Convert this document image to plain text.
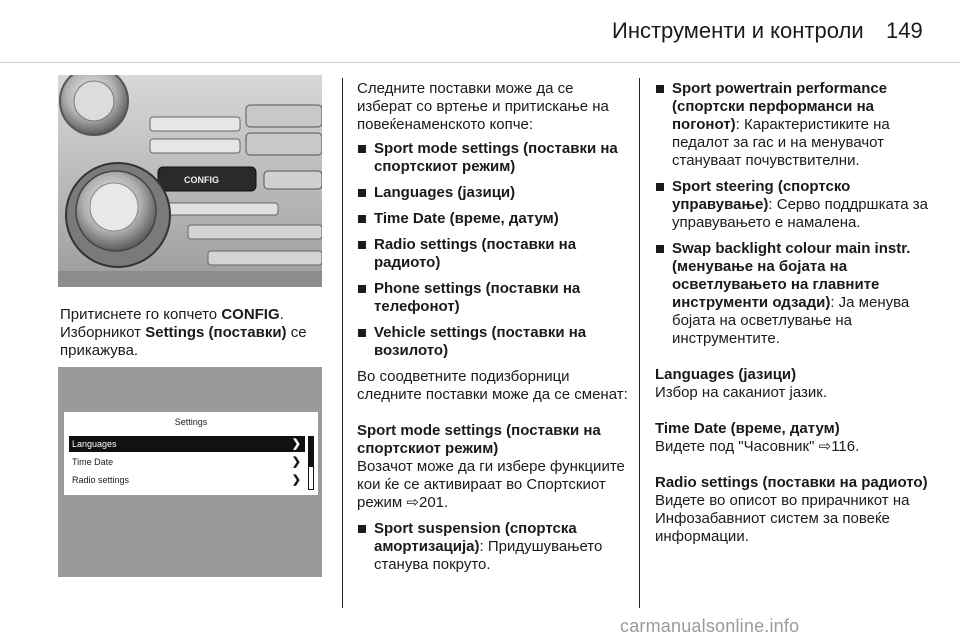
Инструменти и контроли 149
CONFIG

Притиснете го копчето CONFIG.

Изборникот Settings (поставки) се

прикажува.

Settings
Languages	❯
Time Date	❯
Radio settings	❯

Следните поставки може да се изберат со вртење и притискање на повеќенаменското копче:

Sport mode settings (поставки на спортскиот режим)
Languages (јазици)
Time Date (време, датум)
Radio settings (поставки на радиото)
Phone settings (поставки на телефонот)
Vehicle settings (поставки на возилото)

Во соодветните подизборници следните поставки може да се сменат:

Sport mode settings (поставки на спортскиот режим)

Возачот може да ги избере функциите кои ќе се активираат во Спортскиот режим ⇨201.

Sport suspension (спортска амортизација): Придушувањето станува покруто.
Sport powertrain performance (спортски перформанси на погонот): Карактеристиките на педалот за гас и на менувачот стануваат почувствителни.
Sport steering (спортско управување): Серво поддршката за управувањето е намалена.
Swap backlight colour main instr. (менување на бојата на осветлувањето на главните инструменти одзади): Ја менува бојата на осветлување на инструментите.

Languages (јазици)

Избор на саканиот јазик.

Time Date (време, датум)

Видете под "Часовник" ⇨116.

Radio settings (поставки на радиото)

Видете во описот во прирачникот на Инфозабавниот систем за повеќе информации.

carmanualsonline.info
